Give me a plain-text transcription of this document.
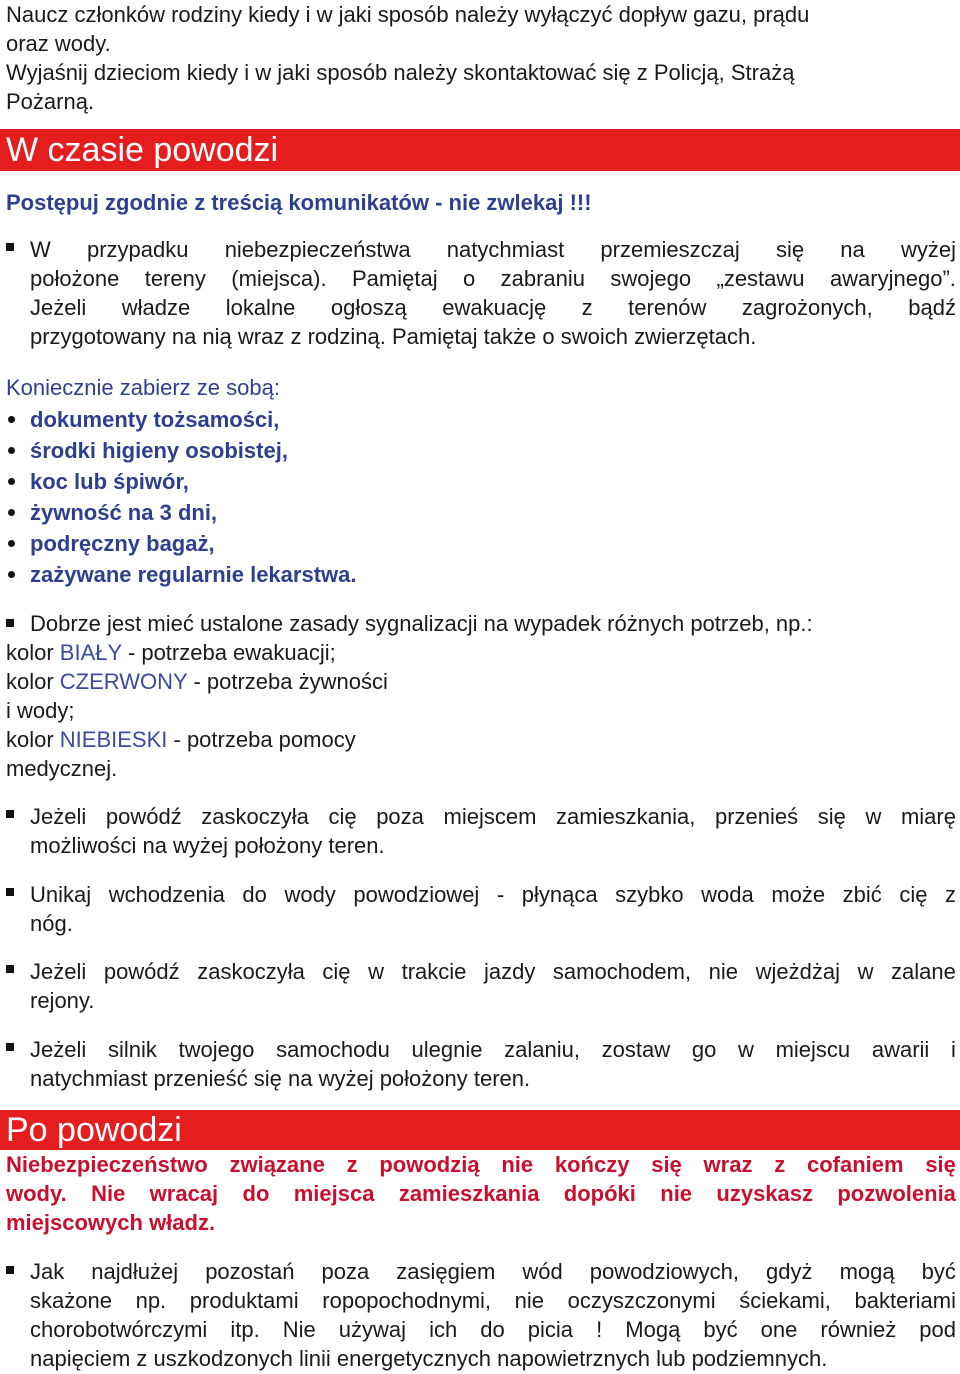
Naucz członków rodziny kiedy i w jaki sposób należy wyłączyć dopływ gazu, prądu
oraz wody.
Wyjaśnij dzieciom kiedy i w jaki sposób należy skontaktować się z Policją, Strażą
Pożarną.
W czasie powodzi
Postępuj zgodnie z treścią komunikatów - nie zwlekaj !!!
W przypadku niebezpieczeństwa natychmiast przemieszczaj się na wyżej
położone tereny (miejsca). Pamiętaj o zabraniu swojego „zestawu awaryjnego”.
Jeżeli władze lokalne ogłoszą ewakuację z terenów zagrożonych, bądź
przygotowany na nią wraz z rodziną. Pamiętaj także o swoich zwierzętach.
Koniecznie zabierz ze sobą:
dokumenty tożsamości,
środki higieny osobistej,
koc lub śpiwór,
żywność na 3 dni,
podręczny bagaż,
zażywane regularnie lekarstwa.
Dobrze jest mieć ustalone zasady sygnalizacji na wypadek różnych potrzeb, np.:
kolor BIAŁY - potrzeba ewakuacji;
kolor CZERWONY - potrzeba żywności
i wody;
kolor NIEBIESKI - potrzeba pomocy
medycznej.
Jeżeli powódź zaskoczyła cię poza miejscem zamieszkania, przenieś się w miarę
możliwości na wyżej położony teren.
Unikaj wchodzenia do wody powodziowej - płynąca szybko woda może zbić cię z
nóg.
Jeżeli powódź zaskoczyła cię w trakcie jazdy samochodem, nie wjeżdżaj w zalane
rejony.
Jeżeli silnik twojego samochodu ulegnie zalaniu, zostaw go w miejscu awarii i
natychmiast przenieść się na wyżej położony teren.
Po powodzi
Niebezpieczeństwo związane z powodzią nie kończy się wraz z cofaniem się
wody. Nie wracaj do miejsca zamieszkania dopóki nie uzyskasz pozwolenia
miejscowych władz.
Jak najdłużej pozostań poza zasięgiem wód powodziowych, gdyż mogą być
skażone np. produktami ropopochodnymi, nie oczyszczonymi ściekami, bakteriami
chorobotwórczymi itp. Nie używaj ich do picia ! Mogą być one również pod
napięciem z uszkodzonych linii energetycznych napowietrznych lub podziemnych.
